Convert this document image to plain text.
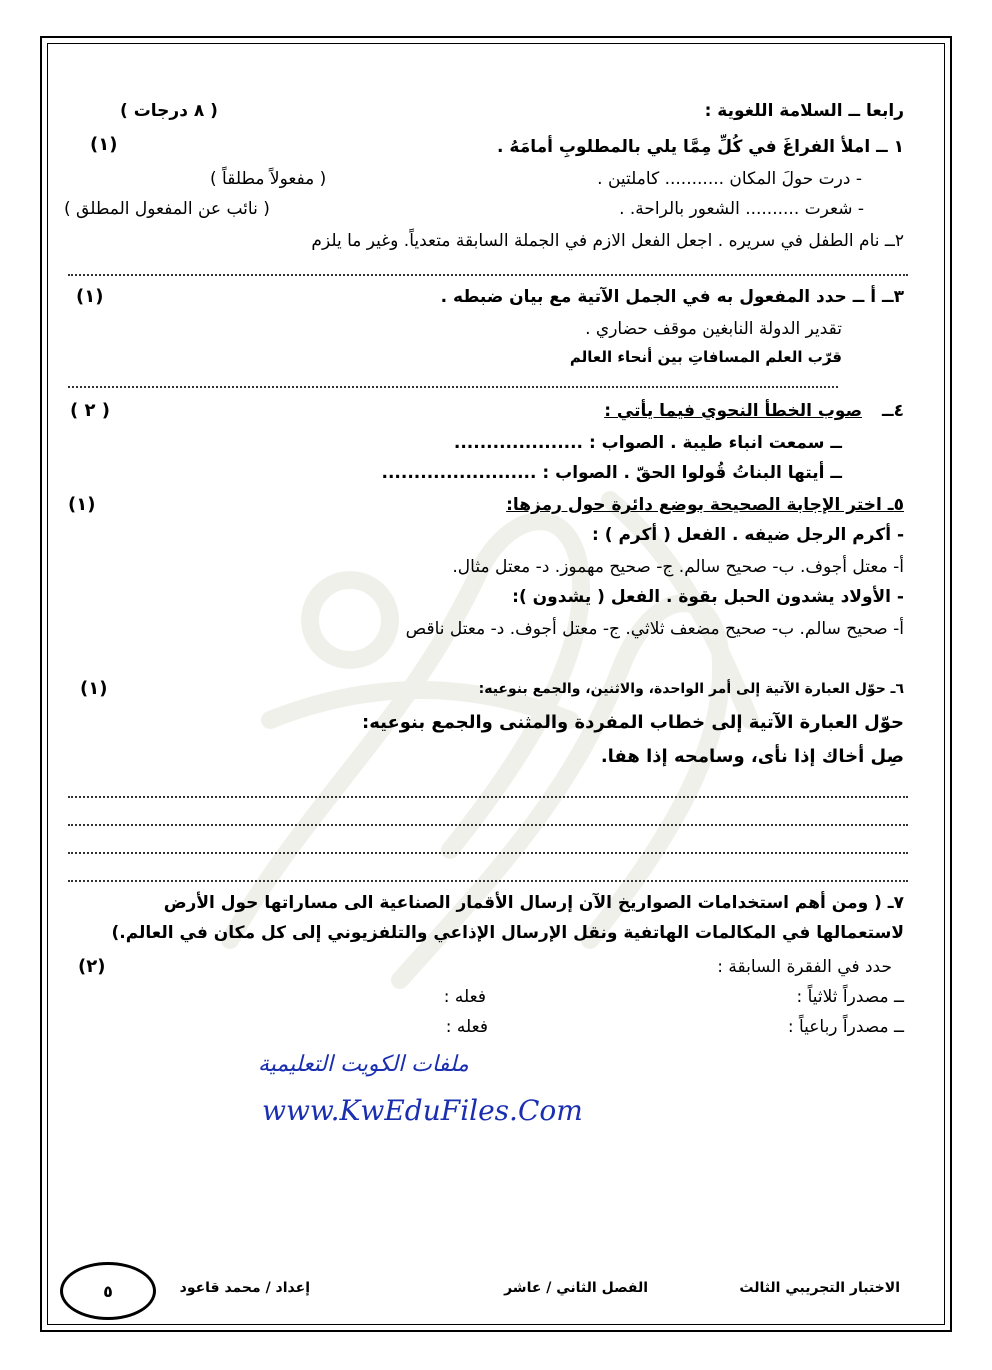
رابعا ــ السلامة اللغوية :
( ٨ درجات )
١ ــ املأ الفراغَ في كُلِّ مِمَّا يلي بالمطلوبِ أمامَهُ .
(١)
- درت حولَ المكان ........... كاملتين .
( مفعولاً مطلقاً )
- شعرت .......... الشعور بالراحة. .
( نائب عن المفعول المطلق )
٢ــ نام الطفل في سريره . اجعل الفعل الازم في الجملة السابقة متعدياً. وغير ما يلزم
٣ــ أ ــ حدد المفعول به في الجمل الآتية مع بيان ضبطه .
(١)
تقدير الدولة النابغين موقف حضاري .
قرّب العلم المسافاتِ بين أنحاء العالم
٤ــ
صوب الخطأ النحوي فيما يأتي :
( ٢ )
ــ سمعت انباء طيبة . الصواب : ....................
ــ أيتها البناتُ قُولوا الحقّ . الصواب : ........................
٥ـ اختر الإجابة الصحيحة بوضع دائرة حول رمزها:
(١)
- أكرم الرجل ضيفه . الفعل ( أكرم ) :
أ- معتل أجوف. ب- صحيح سالم. ج- صحيح مهموز. د- معتل مثال.
- الأولاد يشدون الحبل بقوة . الفعل ( يشدون ):
أ- صحيح سالم. ب- صحيح مضعف ثلاثي. ج- معتل أجوف. د- معتل ناقص
٦ـ حوّل العبارة الآتية إلى أمر الواحدة، والاثنين، والجمع بنوعيه:
(١)
حوّل العبارة الآتية إلى خطاب المفردة والمثنى والجمع بنوعيه:
صِل أخاك إذا نأى، وسامحه إذا هفا.
٧ـ ( ومن أهم استخدامات الصواريخ الآن إرسال الأقمار الصناعية الى مساراتها حول الأرض
لاستعمالها في المكالمات الهاتفية ونقل الإرسال الإذاعي والتلفزيوني إلى كل مكان في العالم.)
(٢)	حدد في الفقرة السابقة :
ــ مصدراً ثلاثياً :
فعله :
ــ مصدراً رباعياً :
فعله :
ملفات الكويت التعليمية
www.KwEduFiles.Com
الاختبار التجريبي الثالث
الفصل الثاني / عاشر
إعداد / محمد قاعود
٥
